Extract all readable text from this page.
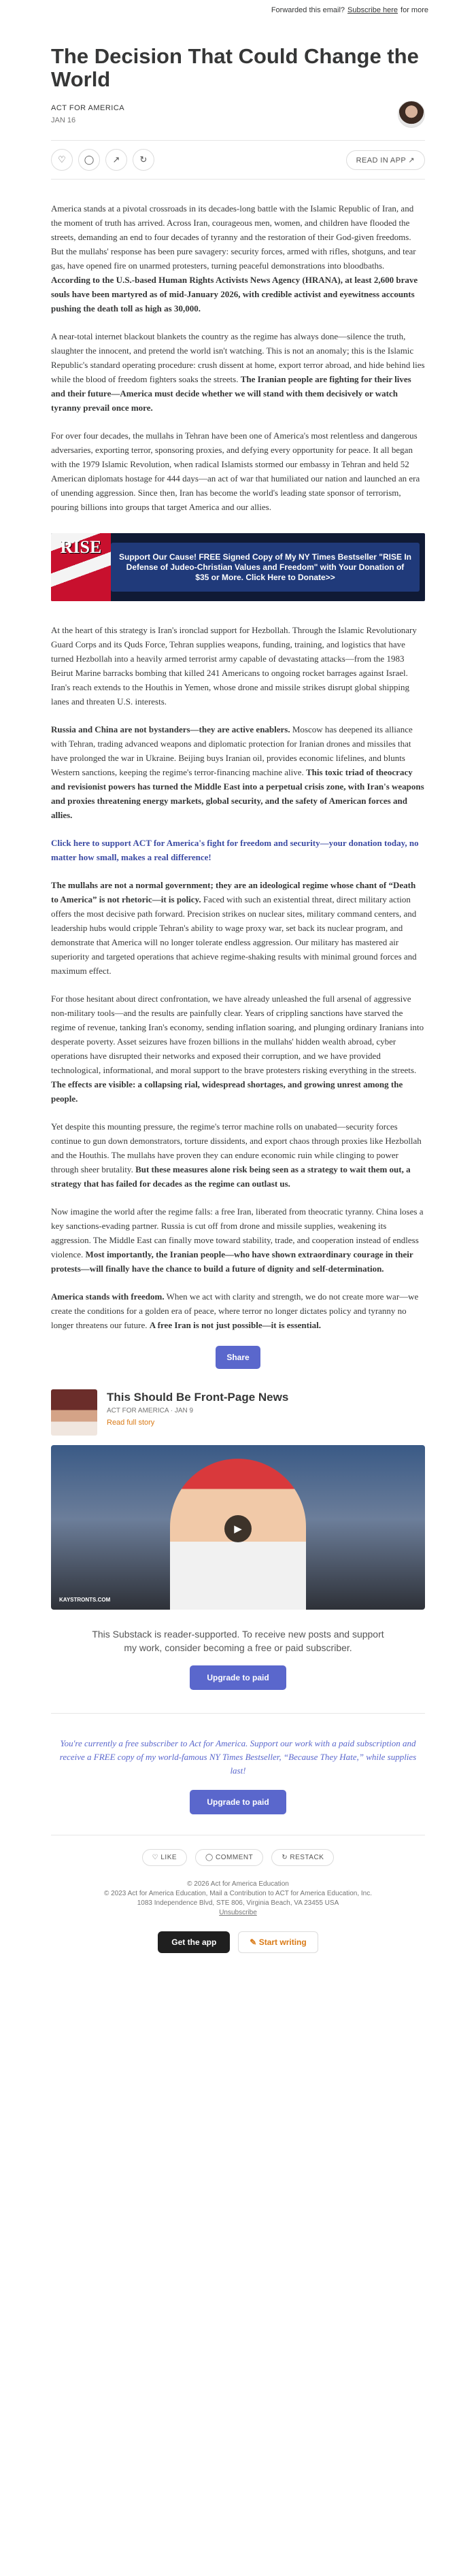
Forwarded this email? Subscribe here for more
The Decision That Could Change the World
ACT FOR AMERICA
JAN 16
♡	◯	↗	↻	READ IN APP ↗

America stands at a pivotal crossroads in its decades-long battle with the Islamic Republic of Iran, and the moment of truth has arrived. Across Iran, courageous men, women, and children have flooded the streets, demanding an end to four decades of tyranny and the restoration of their God-given freedoms. But the mullahs' response has been pure savagery: security forces, armed with rifles, shotguns, and tear gas, have opened fire on unarmed protesters, turning peaceful demonstrations into bloodbaths. According to the U.S.-based Human Rights Activists News Agency (HRANA), at least 2,600 brave souls have been martyred as of mid-January 2026, with credible activist and eyewitness accounts pushing the death toll as high as 30,000.

A near-total internet blackout blankets the country as the regime has always done—silence the truth, slaughter the innocent, and pretend the world isn't watching. This is not an anomaly; this is the Islamic Republic's standard operating procedure: crush dissent at home, export terror abroad, and hide behind lies while the blood of freedom fighters soaks the streets. The Iranian people are fighting for their lives and their future—America must decide whether we will stand with them decisively or watch tyranny prevail once more.

For over four decades, the mullahs in Tehran have been one of America's most relentless and dangerous adversaries, exporting terror, sponsoring proxies, and defying every opportunity for peace. It all began with the 1979 Islamic Revolution, when radical Islamists stormed our embassy in Tehran and held 52 American diplomats hostage for 444 days—an act of war that humiliated our nation and launched an era of unending aggression. Since then, Iran has become the world's leading state sponsor of terrorism, pouring billions into groups that target America and our allies.

RISE	Support Our Cause! FREE Signed Copy of My NY Times Bestseller "RISE In Defense of Judeo-Christian Values and Freedom" with Your Donation of $35 or More. Click Here to Donate>>

At the heart of this strategy is Iran's ironclad support for Hezbollah. Through the Islamic Revolutionary Guard Corps and its Quds Force, Tehran supplies weapons, funding, training, and logistics that have turned Hezbollah into a heavily armed terrorist army capable of devastating attacks—from the 1983 Beirut Marine barracks bombing that killed 241 Americans to ongoing rocket barrages against Israel. Iran's reach extends to the Houthis in Yemen, whose drone and missile strikes disrupt global shipping lanes and threaten U.S. interests.

Russia and China are not bystanders—they are active enablers. Moscow has deepened its alliance with Tehran, trading advanced weapons and diplomatic protection for Iranian drones and missiles that have prolonged the war in Ukraine. Beijing buys Iranian oil, provides economic lifelines, and blunts Western sanctions, keeping the regime's terror-financing machine alive. This toxic triad of theocracy and revisionist powers has turned the Middle East into a perpetual crisis zone, with Iran's weapons and proxies threatening energy markets, global security, and the safety of American forces and allies.

Click here to support ACT for America's fight for freedom and security—your donation today, no matter how small, makes a real difference!

The mullahs are not a normal government; they are an ideological regime whose chant of “Death to America” is not rhetoric—it is policy. Faced with such an existential threat, direct military action offers the most decisive path forward. Precision strikes on nuclear sites, military command centers, and leadership hubs would cripple Tehran's ability to wage proxy war, set back its nuclear program, and demonstrate that America will no longer tolerate endless aggression. Our military has mastered air superiority and targeted operations that achieve regime-shaking results with minimal ground forces and maximum effect.

For those hesitant about direct confrontation, we have already unleashed the full arsenal of aggressive non-military tools—and the results are painfully clear. Years of crippling sanctions have starved the regime of revenue, tanking Iran's economy, sending inflation soaring, and plunging ordinary Iranians into desperate poverty. Asset seizures have frozen billions in the mullahs' hidden wealth abroad, cyber operations have disrupted their networks and exposed their corruption, and we have provided technological, informational, and moral support to the brave protesters risking everything in the streets. The effects are visible: a collapsing rial, widespread shortages, and growing unrest among the people.

Yet despite this mounting pressure, the regime's terror machine rolls on unabated—security forces continue to gun down demonstrators, torture dissidents, and export chaos through proxies like Hezbollah and the Houthis. The mullahs have proven they can endure economic ruin while clinging to power through sheer brutality. But these measures alone risk being seen as a strategy to wait them out, a strategy that has failed for decades as the regime can outlast us.

Now imagine the world after the regime falls: a free Iran, liberated from theocratic tyranny. China loses a key sanctions-evading partner. Russia is cut off from drone and missile supplies, weakening its aggression. The Middle East can finally move toward stability, trade, and cooperation instead of endless violence. Most importantly, the Iranian people—who have shown extraordinary courage in their protests—will finally have the chance to build a future of dignity and self-determination.

America stands with freedom. When we act with clarity and strength, we do not create more war—we create the conditions for a golden era of peace, where terror no longer dictates policy and tyranny no longer threatens our future. A free Iran is not just possible—it is essential.

Share
This Should Be Front-Page News
ACT FOR AMERICA · JAN 9
Read full story
▶
KAYSTRONTS.COM
This Substack is reader-supported. To receive new posts and support my work, consider becoming a free or paid subscriber.
Upgrade to paid
You're currently a free subscriber to Act for America. Support our work with a paid subscription and receive a FREE copy of my world-famous NY Times Bestseller, “Because They Hate,” while supplies last!
Upgrade to paid
♡ LIKE	◯ COMMENT	↻ RESTACK
© 2026 Act for America Education
© 2023 Act for America Education, Mail a Contribution to ACT for America Education, Inc.
1083 Independence Blvd, STE 806, Virginia Beach, VA 23455 USA
Unsubscribe
Get the app	✎ Start writing
